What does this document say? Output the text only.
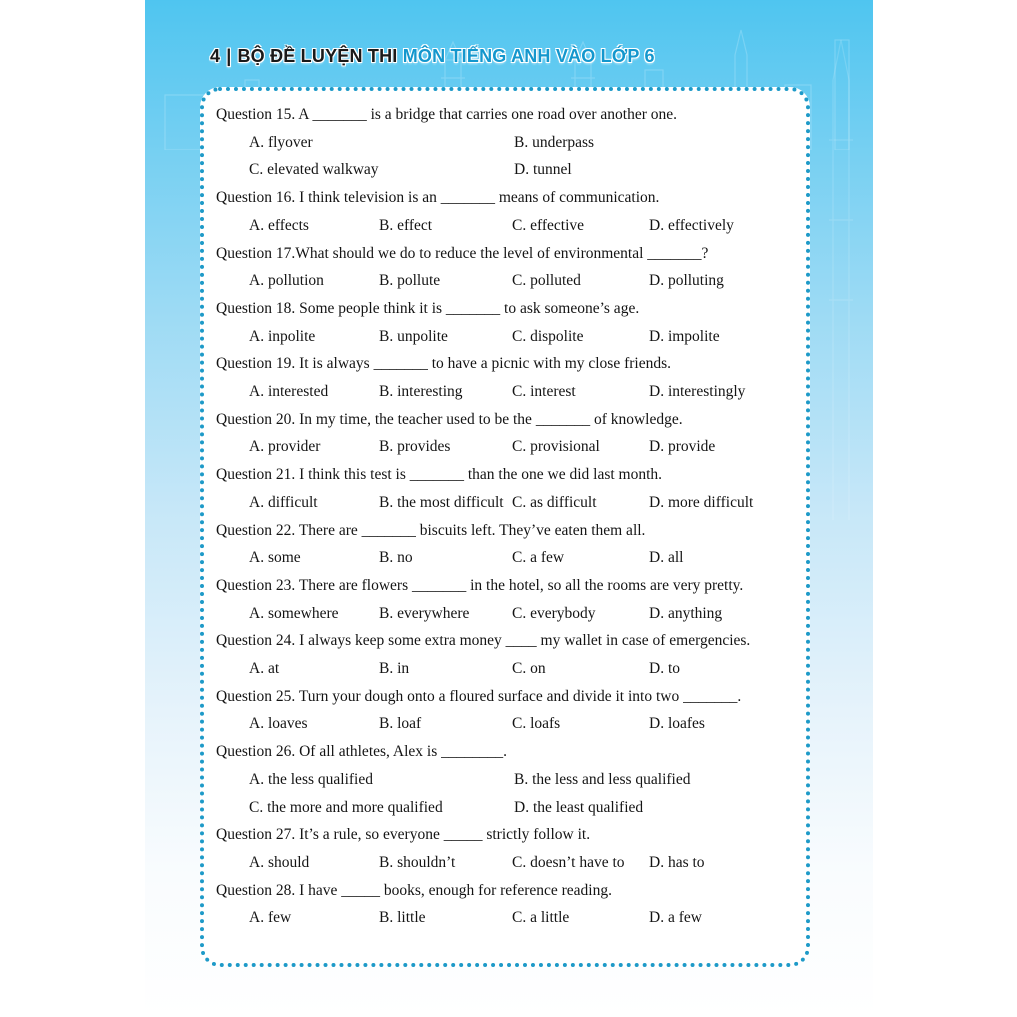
4 | BỘ ĐỀ LUYỆN THI MÔN TIẾNG ANH VÀO LỚP 6
Question 15. A _______ is a bridge that carries one road over another one.
A. flyover	B. underpass
C. elevated walkway	D. tunnel
Question 16. I think television is an _______ means of communication.
A. effects	B. effect	C. effective	D. effectively
Question 17.What should we do to reduce the level of environmental _______?
A. pollution	B. pollute	C. polluted	D. polluting
Question 18. Some people think it is _______ to ask someone’s age.
A. inpolite	B. unpolite	C. dispolite	D. impolite
Question 19. It is always _______ to have a picnic with my close friends.
A. interested	B. interesting	C. interest	D. interestingly
Question 20. In my time, the teacher used to be the _______ of knowledge.
A. provider	B. provides	C. provisional	D. provide
Question 21. I think this test is _______ than the one we did last month.
A. difficult	B. the most difficult C. as difficult	D. more difficult
Question 22. There are _______ biscuits left. They’ve eaten them all.
A. some	B. no	C. a few	D. all
Question 23. There are flowers _______ in the hotel, so all the rooms are very pretty.
A. somewhere	B. everywhere	C. everybody	D. anything
Question 24. I always keep some extra money ____ my wallet in case of emergencies.
A. at	B. in	C. on	D. to
Question 25. Turn your dough onto a floured surface and divide it into two _______.
A. loaves	B. loaf	C. loafs	D. loafes
Question 26. Of all athletes, Alex is ________.
A. the less qualified	B. the less and less qualified
C. the more and more qualified	D. the least qualified
Question 27. It’s a rule, so everyone _____ strictly follow it.
A. should	B. shouldn’t	C. doesn’t have to	D. has to
Question 28. I have _____ books, enough for reference reading.
A. few	B. little	C. a little	D. a few
